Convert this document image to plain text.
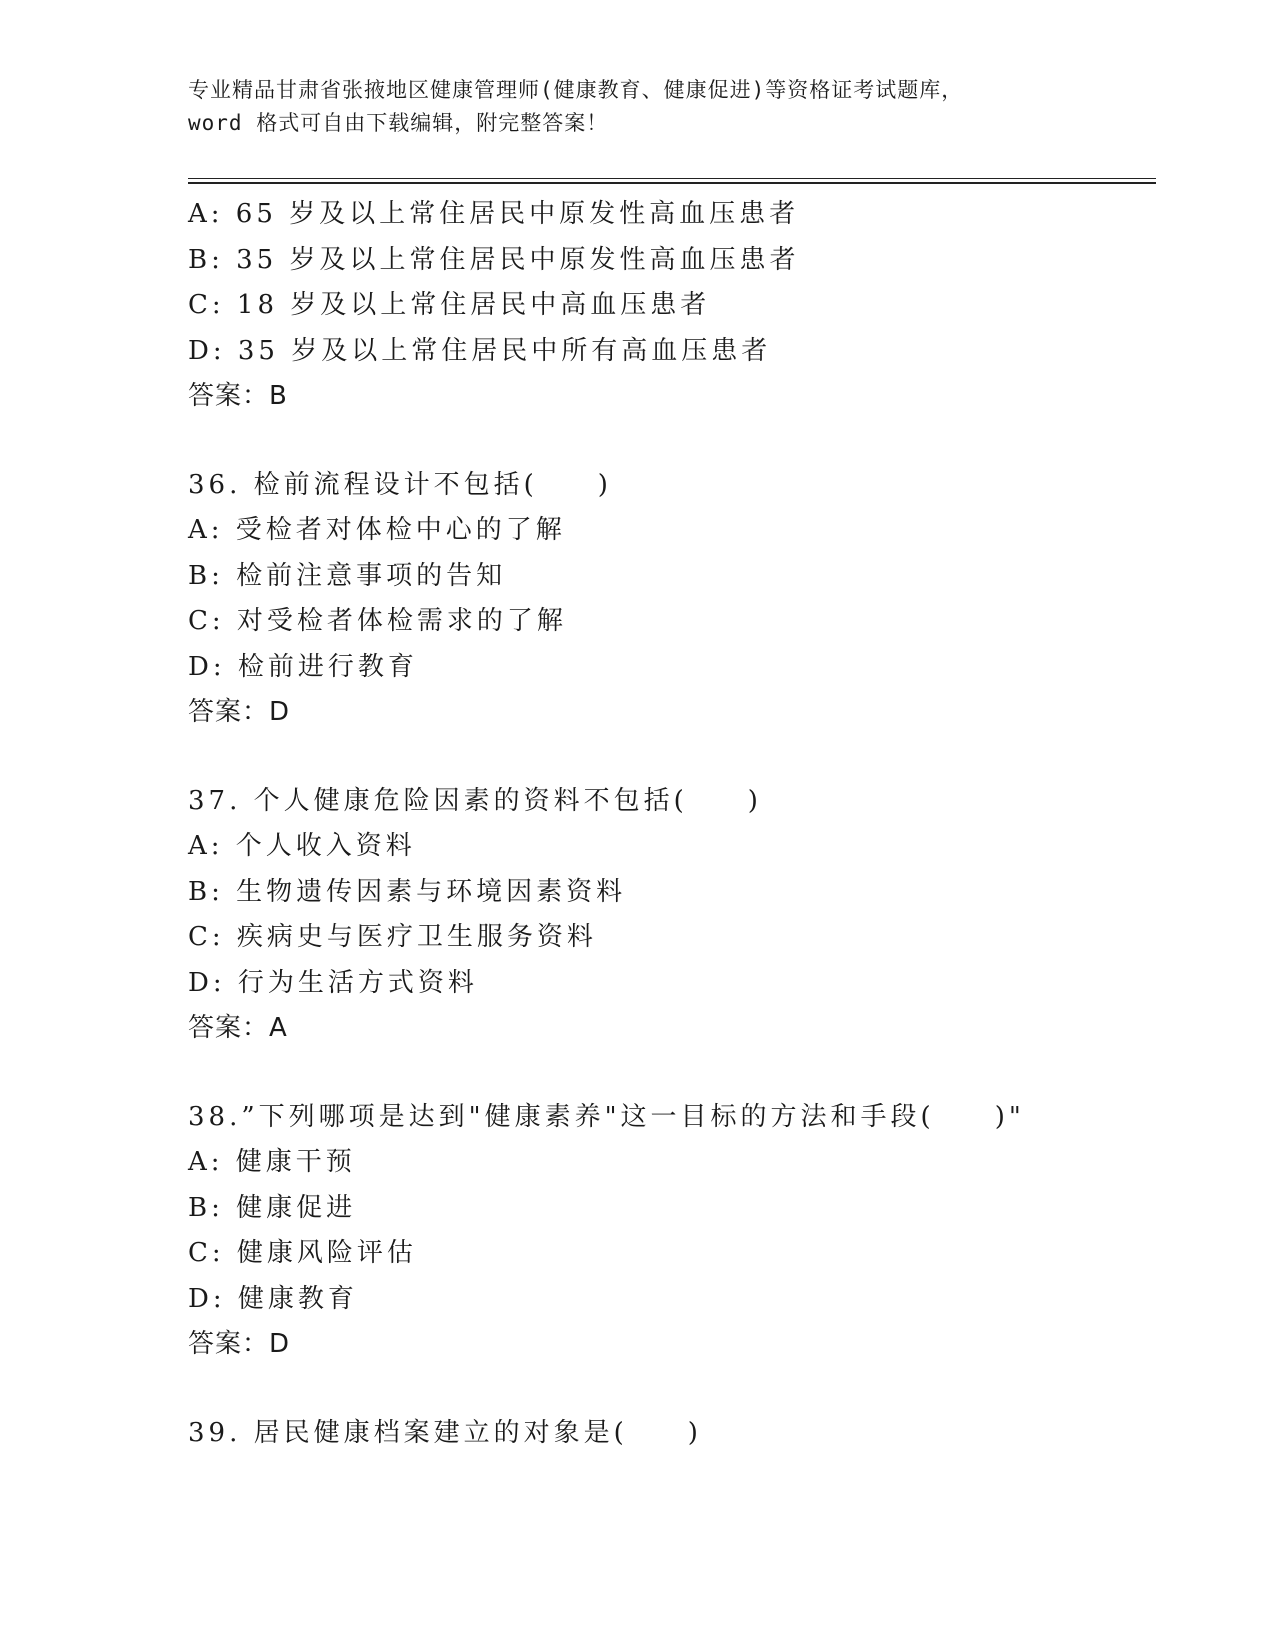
专业精品甘肃省张掖地区健康管理师(健康教育、健康促进)等资格证考试题库，
word 格式可自由下载编辑，附完整答案！
A: 65 岁及以上常住居民中原发性高血压患者
B: 35 岁及以上常住居民中原发性高血压患者
C: 18 岁及以上常住居民中高血压患者
D: 35 岁及以上常住居民中所有高血压患者
答案：B
36. 检前流程设计不包括(　　)
A: 受检者对体检中心的了解
B: 检前注意事项的告知
C: 对受检者体检需求的了解
D: 检前进行教育
答案：D
37. 个人健康危险因素的资料不包括(　　)
A: 个人收入资料
B: 生物遗传因素与环境因素资料
C: 疾病史与医疗卫生服务资料
D: 行为生活方式资料
答案：A
38.”下列哪项是达到"健康素养"这一目标的方法和手段(　　)"
A: 健康干预
B: 健康促进
C: 健康风险评估
D: 健康教育
答案：D
39. 居民健康档案建立的对象是(　　)
